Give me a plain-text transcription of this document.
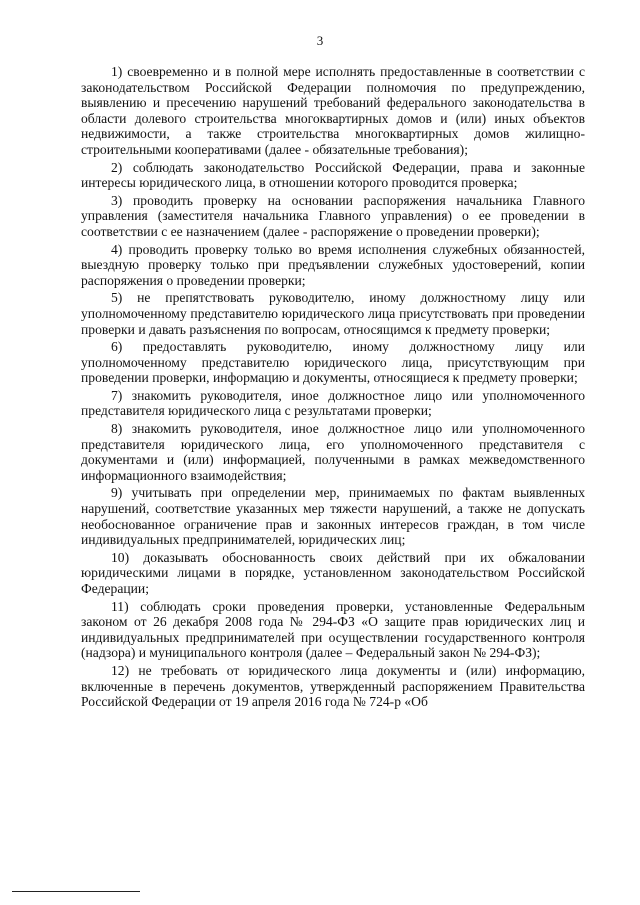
3

1) своевременно и в полной мере исполнять предоставленные в соответствии с законодательством Российской Федерации полномочия по предупреждению, выявлению и пресечению нарушений требований федерального законодательства в области долевого строительства многоквартирных домов и (или) иных объектов недвижимости, а также строительства многоквартирных домов жилищно-строительными кооперативами (далее - обязательные требования);

2) соблюдать законодательство Российской Федерации, права и законные интересы юридического лица, в отношении которого проводится проверка;

3) проводить проверку на основании распоряжения начальника Главного управления (заместителя начальника Главного управления) о ее проведении в соответствии с ее назначением (далее - распоряжение о проведении проверки);

4) проводить проверку только во время исполнения служебных обязанностей, выездную проверку только при предъявлении служебных удостоверений, копии распоряжения о проведении проверки;

5) не препятствовать руководителю, иному должностному лицу или уполномоченному представителю юридического лица присутствовать при проведении проверки и давать разъяснения по вопросам, относящимся к предмету проверки;

6) предоставлять руководителю, иному должностному лицу или уполномоченному представителю юридического лица, присутствующим при проведении проверки, информацию и документы, относящиеся к предмету проверки;

7) знакомить руководителя, иное должностное лицо или уполномоченного представителя юридического лица с результатами проверки;

8) знакомить руководителя, иное должностное лицо или уполномоченного представителя юридического лица, его уполномоченного представителя с документами и (или) информацией, полученными в рамках межведомственного информационного взаимодействия;

9) учитывать при определении мер, принимаемых по фактам выявленных нарушений, соответствие указанных мер тяжести нарушений, а также не допускать необоснованное ограничение прав и законных интересов граждан, в том числе индивидуальных предпринимателей, юридических лиц;

10) доказывать обоснованность своих действий при их обжаловании юридическими лицами в порядке, установленном законодательством Российской Федерации;

11) соблюдать сроки проведения проверки, установленные Федеральным законом от 26 декабря 2008 года № 294-ФЗ «О защите прав юридических лиц и индивидуальных предпринимателей при осуществлении государственного контроля (надзора) и муниципального контроля (далее – Федеральный закон № 294-ФЗ);

12) не требовать от юридического лица документы и (или) информацию, включенные в перечень документов, утвержденный распоряжением Правительства Российской Федерации от 19 апреля 2016 года № 724-р «Об
